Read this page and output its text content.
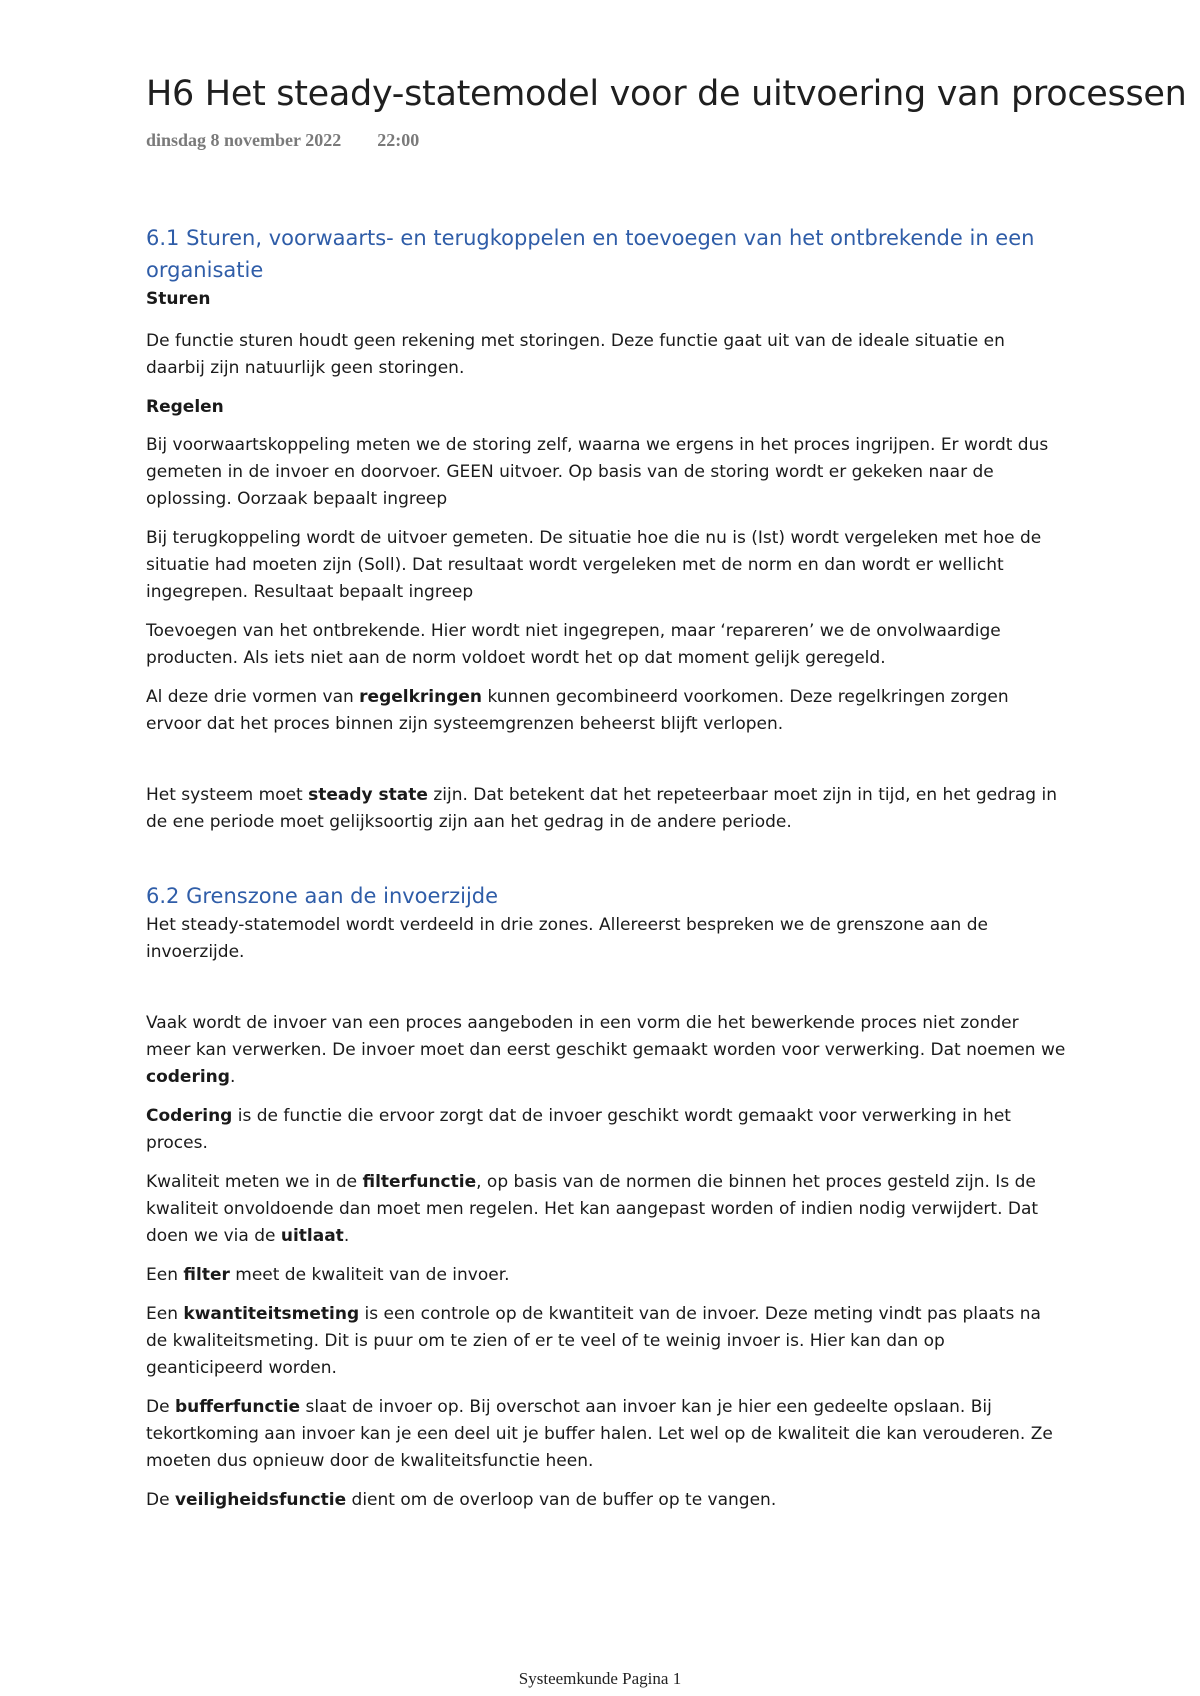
H6 Het steady-statemodel voor de uitvoering van processen
dinsdag 8 november 2022 22:00
6.1 Sturen, voorwaarts- en terugkoppelen en toevoegen van het ontbrekende in een organisatie
Sturen

De functie sturen houdt geen rekening met storingen. Deze functie gaat uit van de ideale situatie en daarbij zijn natuurlijk geen storingen.

Regelen

Bij voorwaartskoppeling meten we de storing zelf, waarna we ergens in het proces ingrijpen. Er wordt dus gemeten in de invoer en doorvoer. GEEN uitvoer. Op basis van de storing wordt er gekeken naar de oplossing. Oorzaak bepaalt ingreep

Bij terugkoppeling wordt de uitvoer gemeten. De situatie hoe die nu is (Ist) wordt vergeleken met hoe de situatie had moeten zijn (Soll). Dat resultaat wordt vergeleken met de norm en dan wordt er wellicht ingegrepen. Resultaat bepaalt ingreep

Toevoegen van het ontbrekende. Hier wordt niet ingegrepen, maar ‘repareren’ we de onvolwaardige producten. Als iets niet aan de norm voldoet wordt het op dat moment gelijk geregeld.

Al deze drie vormen van regelkringen kunnen gecombineerd voorkomen. Deze regelkringen zorgen ervoor dat het proces binnen zijn systeemgrenzen beheerst blijft verlopen.

Het systeem moet steady state zijn. Dat betekent dat het repeteerbaar moet zijn in tijd, en het gedrag in de ene periode moet gelijksoortig zijn aan het gedrag in de andere periode.

6.2 Grenszone aan de invoerzijde

Het steady-statemodel wordt verdeeld in drie zones. Allereerst bespreken we de grenszone aan de invoerzijde.

Vaak wordt de invoer van een proces aangeboden in een vorm die het bewerkende proces niet zonder meer kan verwerken. De invoer moet dan eerst geschikt gemaakt worden voor verwerking. Dat noemen we codering.

Codering is de functie die ervoor zorgt dat de invoer geschikt wordt gemaakt voor verwerking in het proces.

Kwaliteit meten we in de filterfunctie, op basis van de normen die binnen het proces gesteld zijn. Is de kwaliteit onvoldoende dan moet men regelen. Het kan aangepast worden of indien nodig verwijdert. Dat doen we via de uitlaat.

Een filter meet de kwaliteit van de invoer.

Een kwantiteitsmeting is een controle op de kwantiteit van de invoer. Deze meting vindt pas plaats na de kwaliteitsmeting. Dit is puur om te zien of er te veel of te weinig invoer is. Hier kan dan op geanticipeerd worden.

De bufferfunctie slaat de invoer op. Bij overschot aan invoer kan je hier een gedeelte opslaan. Bij tekortkoming aan invoer kan je een deel uit je buffer halen. Let wel op de kwaliteit die kan verouderen. Ze moeten dus opnieuw door de kwaliteitsfunctie heen.

De veiligheidsfunctie dient om de overloop van de buffer op te vangen.

Systeemkunde Pagina 1
